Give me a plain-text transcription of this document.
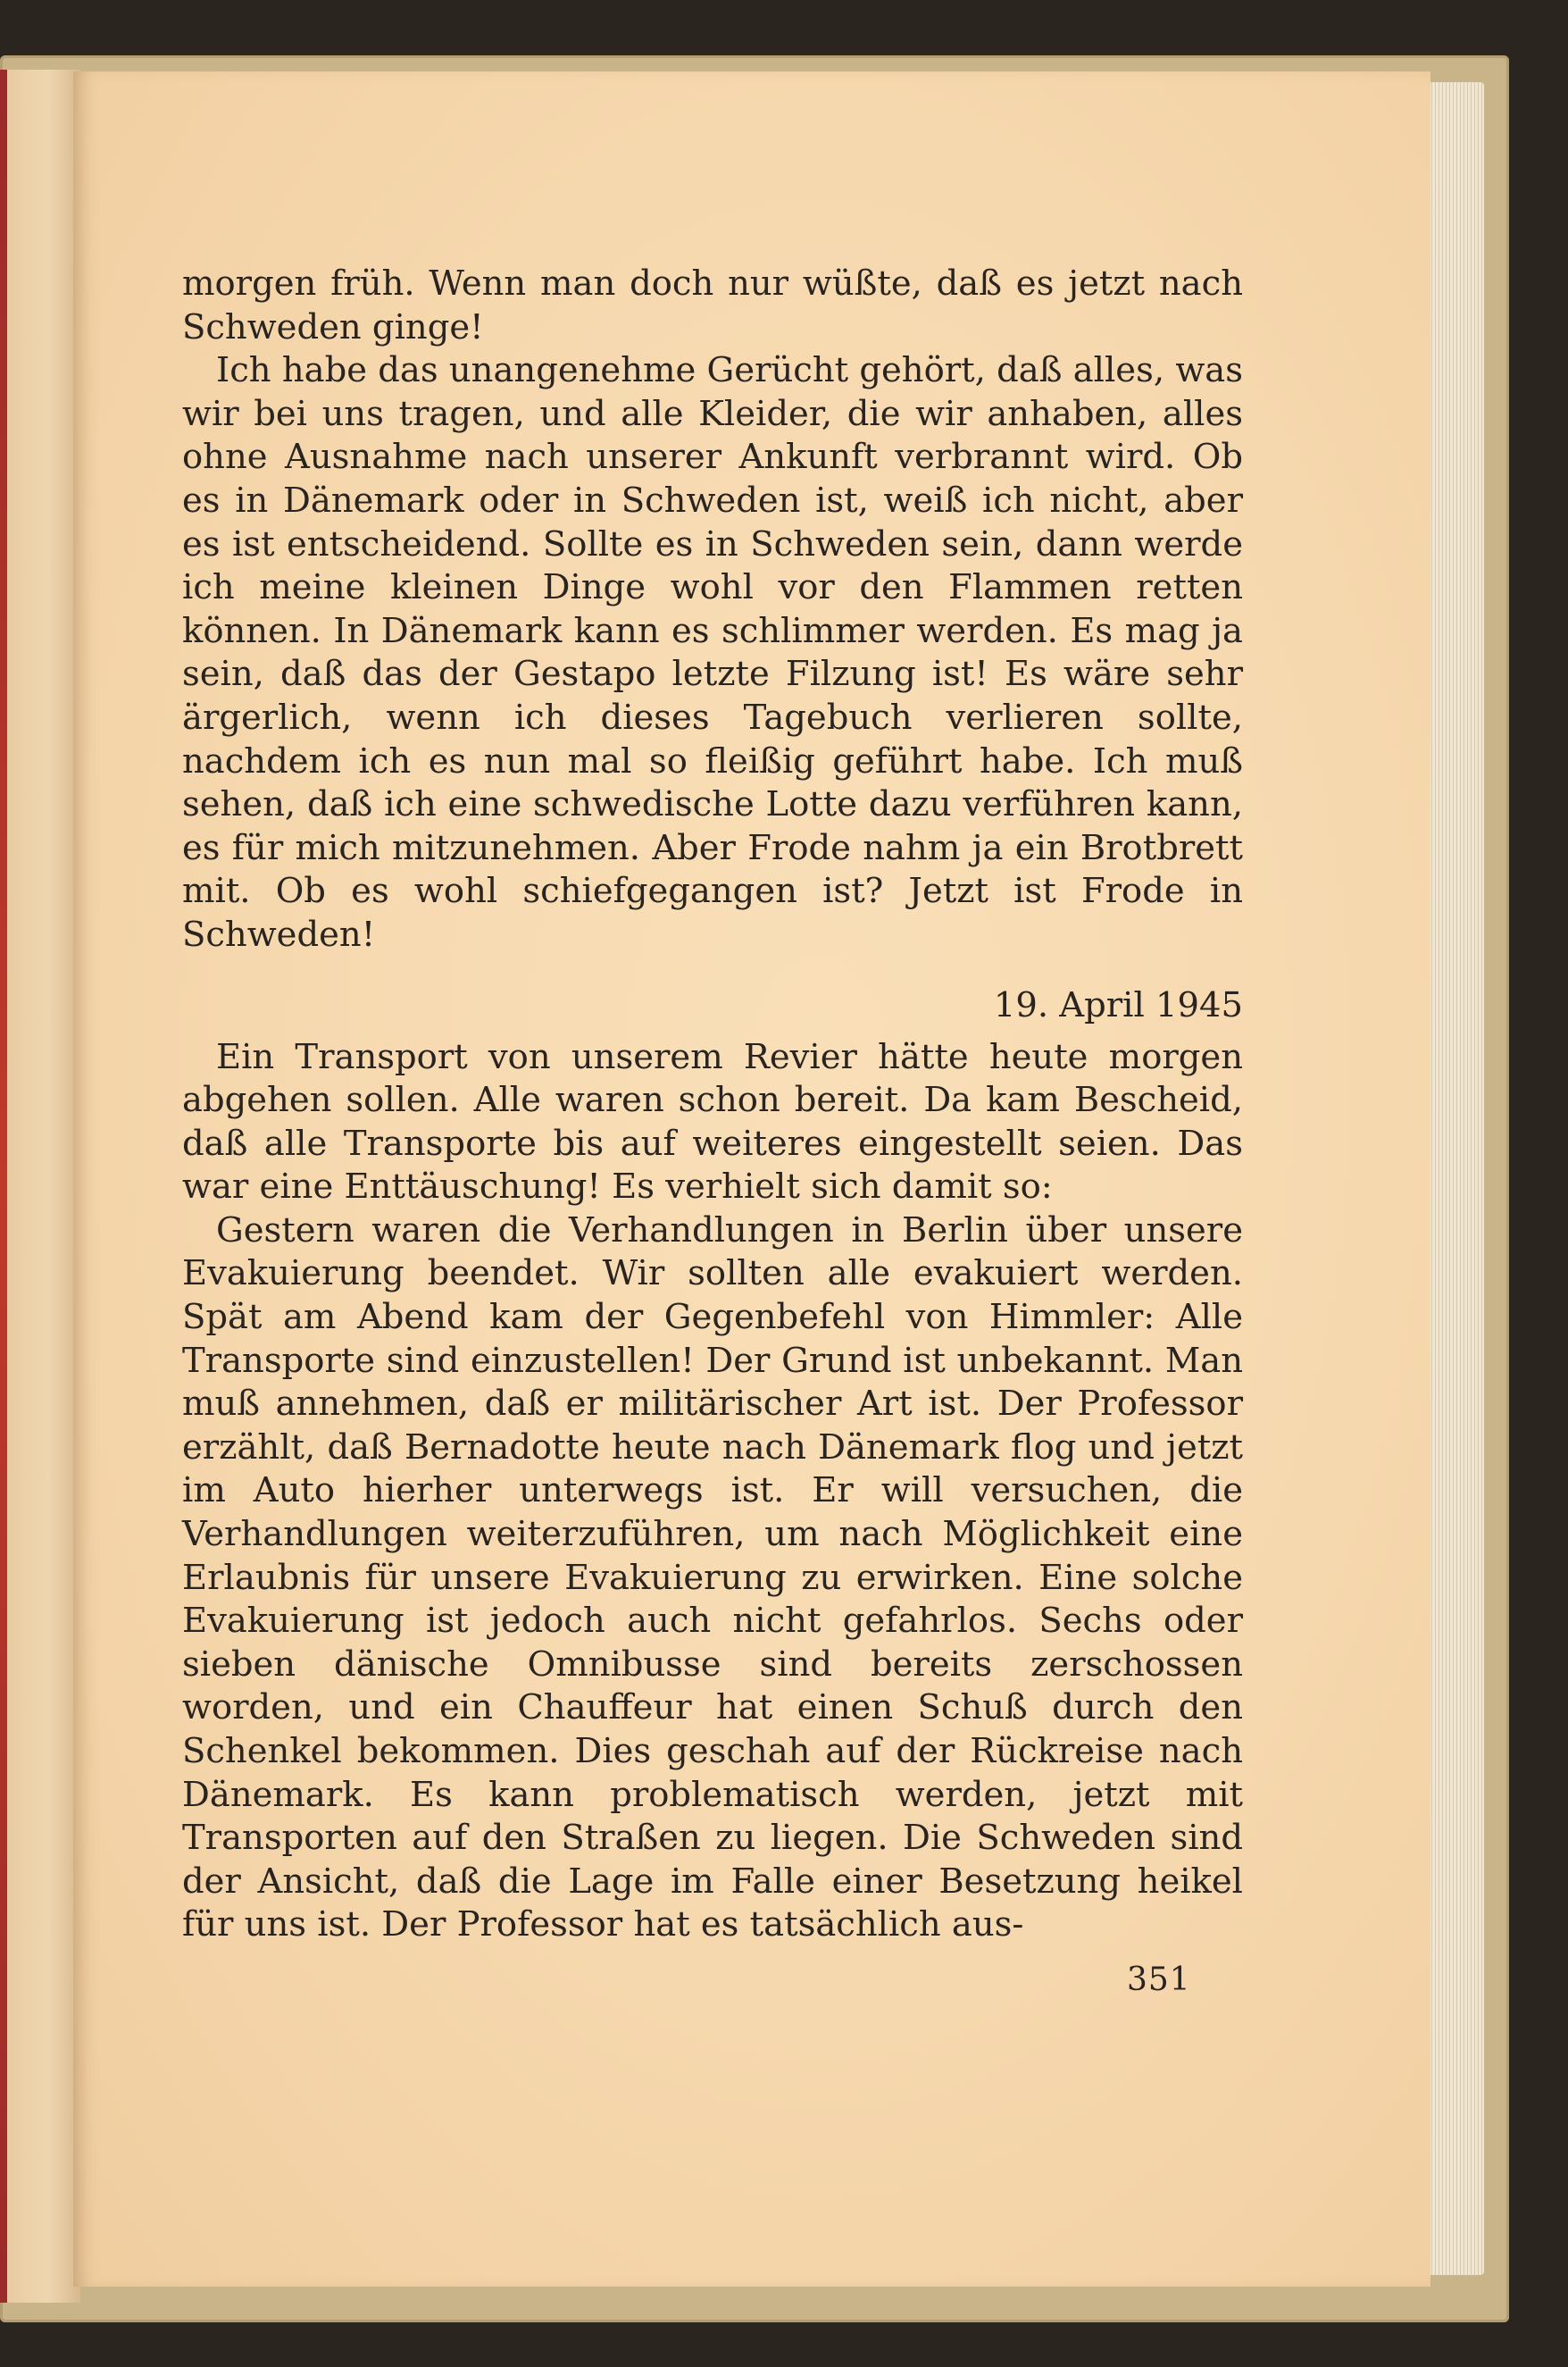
morgen früh. Wenn man doch nur wüßte, daß es jetzt nach Schweden ginge!

Ich habe das unangenehme Gerücht gehört, daß alles, was wir bei uns tragen, und alle Kleider, die wir anhaben, alles ohne Ausnahme nach unserer Ankunft verbrannt wird. Ob es in Dänemark oder in Schweden ist, weiß ich nicht, aber es ist entscheidend. Sollte es in Schweden sein, dann werde ich meine kleinen Dinge wohl vor den Flammen retten können. In Dänemark kann es schlimmer werden. Es mag ja sein, daß das der Gestapo letzte Filzung ist! Es wäre sehr ärgerlich, wenn ich dieses Tagebuch verlieren sollte, nachdem ich es nun mal so fleißig geführt habe. Ich muß sehen, daß ich eine schwedische Lotte dazu verführen kann, es für mich mitzunehmen. Aber Frode nahm ja ein Brotbrett mit. Ob es wohl schiefgegangen ist? Jetzt ist Frode in Schweden!

19. April 1945

Ein Transport von unserem Revier hätte heute morgen abgehen sollen. Alle waren schon bereit. Da kam Bescheid, daß alle Transporte bis auf weiteres eingestellt seien. Das war eine Enttäuschung! Es verhielt sich damit so:

Gestern waren die Verhandlungen in Berlin über unsere Evakuierung beendet. Wir sollten alle evakuiert werden. Spät am Abend kam der Gegenbefehl von Himmler: Alle Transporte sind einzustellen! Der Grund ist unbekannt. Man muß annehmen, daß er militärischer Art ist. Der Professor erzählt, daß Bernadotte heute nach Dänemark flog und jetzt im Auto hierher unterwegs ist. Er will versuchen, die Verhandlungen weiterzuführen, um nach Möglichkeit eine Erlaubnis für unsere Evakuierung zu erwirken. Eine solche Evakuierung ist jedoch auch nicht gefahrlos. Sechs oder sieben dänische Omnibusse sind bereits zerschossen worden, und ein Chauffeur hat einen Schuß durch den Schenkel bekommen. Dies geschah auf der Rückreise nach Dänemark. Es kann problematisch werden, jetzt mit Transporten auf den Straßen zu liegen. Die Schweden sind der Ansicht, daß die Lage im Falle einer Besetzung heikel für uns ist. Der Professor hat es tatsächlich aus-

351
